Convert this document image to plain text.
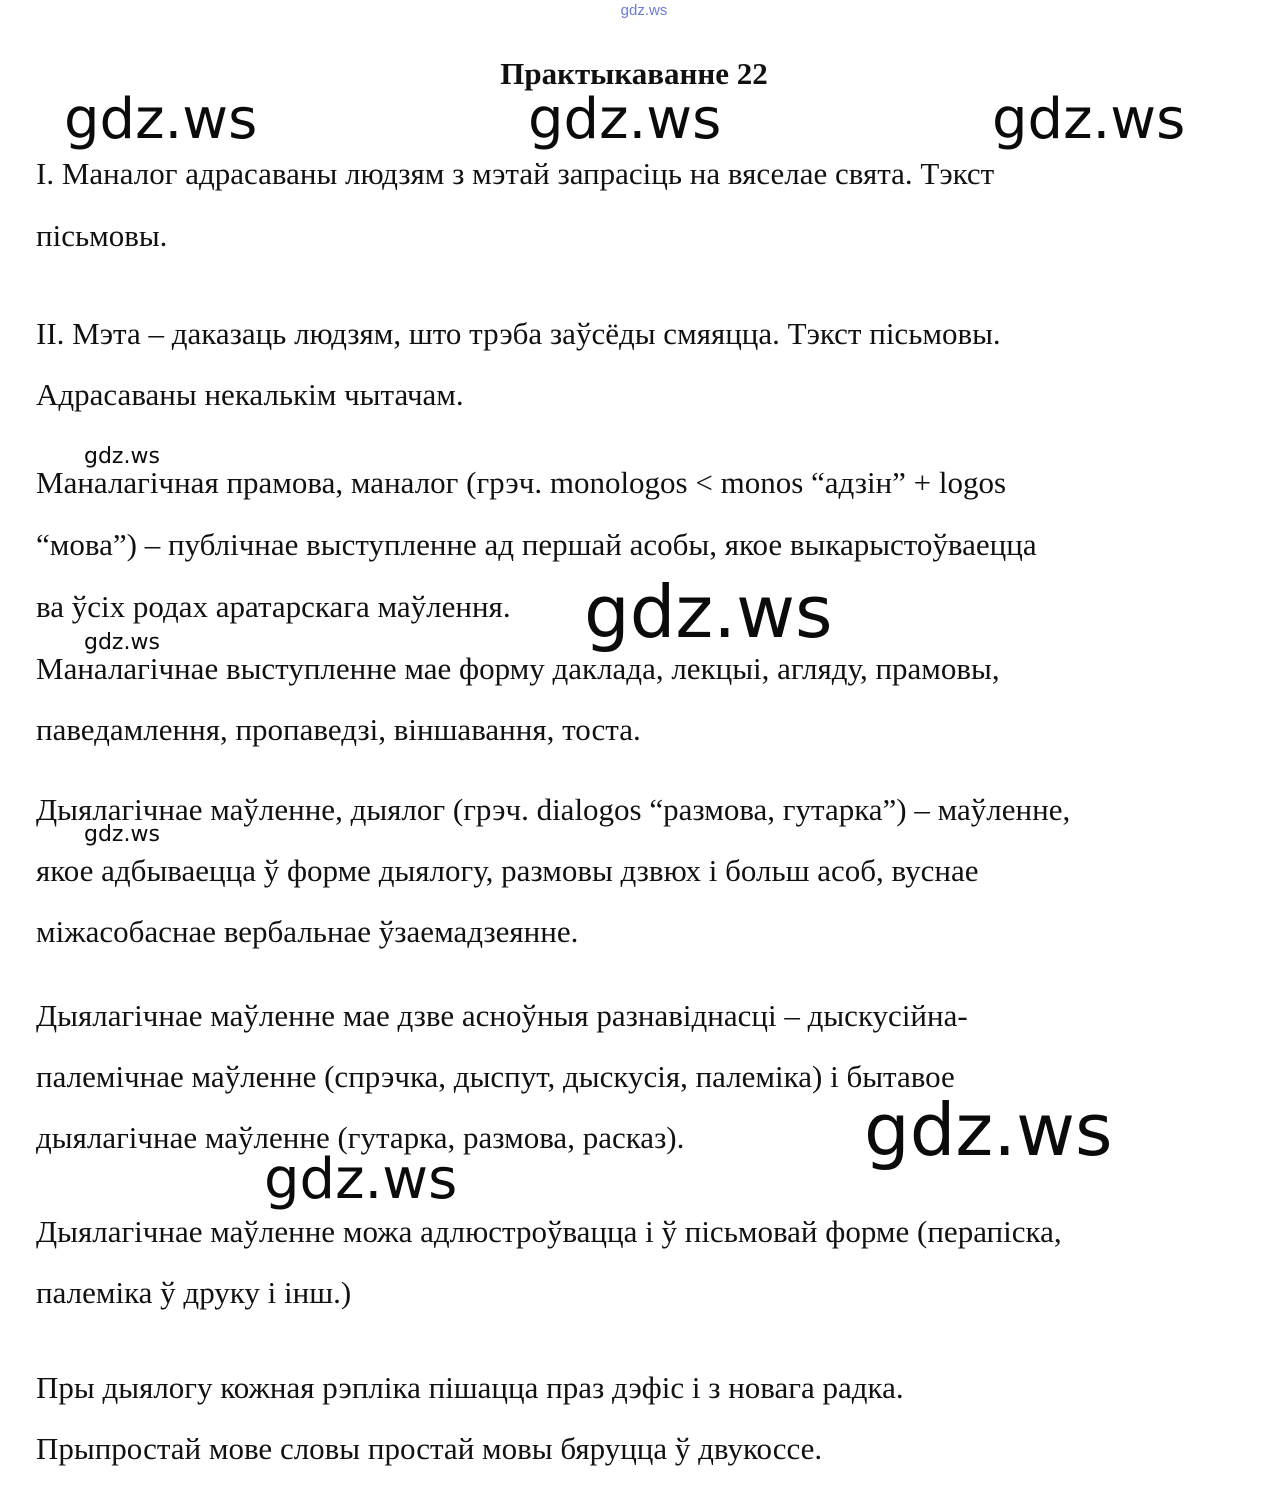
gdz.ws
Практыкаванне 22
I. Маналог адрасаваны людзям з мэтай запрасіць на вяселае свята. Тэкст
пісьмовы.
II. Мэта – даказаць людзям, што трэба заўсёды смяяцца. Тэкст пісьмовы.
Адрасаваны некалькім чытачам.
Маналагічная прамова, маналог (грэч. monologos < monos “адзін” + logos
“мова”) – публічнае выступленне ад першай асобы, якое выкарыстоўваецца
ва ўсіх родах аратарскага маўлення.
Маналагічнае выступленне мае форму даклада, лекцыі, агляду, прамовы,
паведамлення, пропаведзі, віншавання, тоста.
Дыялагічнае маўленне, дыялог (грэч. dialogos “размова, гутарка”) – маўленне,
якое адбываецца ў форме дыялогу, размовы дзвюх і больш асоб, вуснае
міжасобаснае вербальнае ўзаемадзеянне.
Дыялагічнае маўленне мае дзве асноўныя разнавіднасці – дыскусійна-
палемічнае маўленне (спрэчка, дыспут, дыскусія, палеміка) і бытавое
дыялагічнае маўленне (гутарка, размова, расказ).
Дыялагічнае маўленне можа адлюстроўвацца і ў пісьмовай форме (перапіска,
палеміка ў друку і інш.)
Пры дыялогу кожная рэпліка пішацца праз дэфіс і з новага радка.
Прыпростай мове словы простай мовы бяруцца ў двукоссе.
gdz.ws	gdz.ws	gdz.ws
gdz.ws
gdz.ws
gdz.ws
gdz.ws
gdz.ws
gdz.ws
